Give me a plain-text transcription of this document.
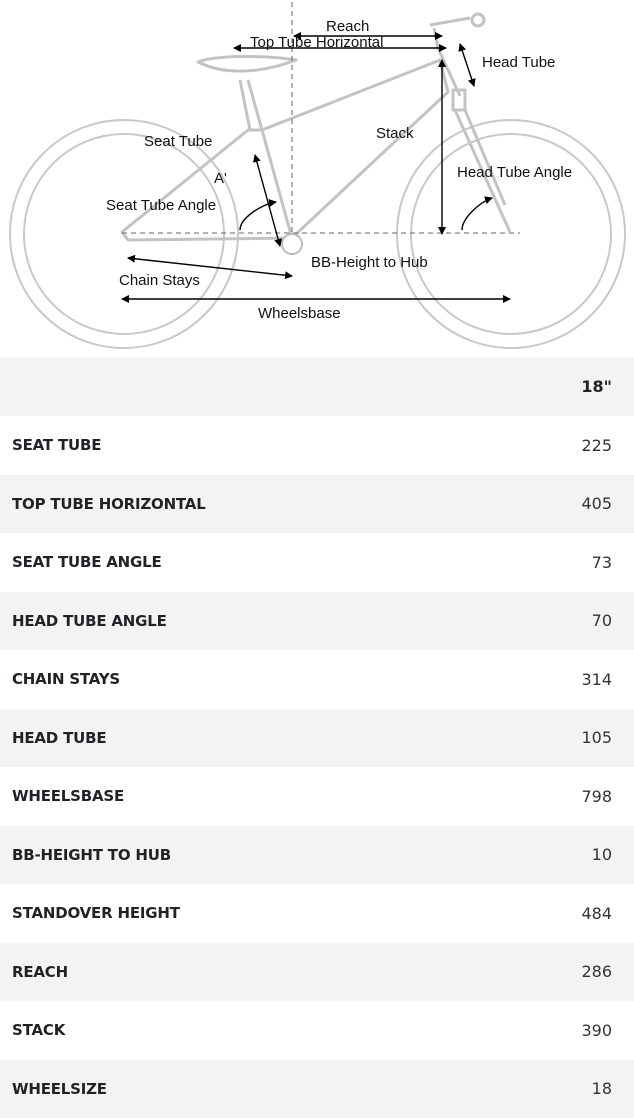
Reach
Top Tube Horizontal
Head Tube
Seat Tube	Stack
A'	Head Tube Angle
Seat Tube Angle
BB-Height to Hub
Chain Stays
Wheelsbase
18"
SEAT TUBE	225
TOP TUBE HORIZONTAL	405
SEAT TUBE ANGLE	73
HEAD TUBE ANGLE	70
CHAIN STAYS	314
HEAD TUBE	105
WHEELSBASE	798
BB-HEIGHT TO HUB	10
STANDOVER HEIGHT	484
REACH	286
STACK	390
WHEELSIZE	18
